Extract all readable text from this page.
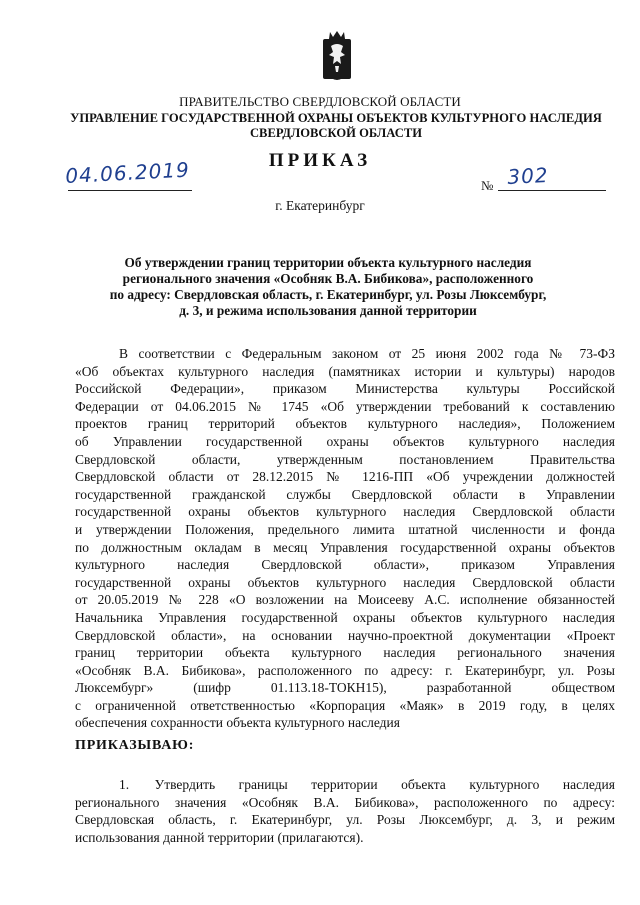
ПРАВИТЕЛЬСТВО СВЕРДЛОВСКОЙ ОБЛАСТИ
УПРАВЛЕНИЕ ГОСУДАРСТВЕННОЙ ОХРАНЫ ОБЪЕКТОВ КУЛЬТУРНОГО НАСЛЕДИЯ
СВЕРДЛОВСКОЙ ОБЛАСТИ
ПРИКАЗ
04.06.2019	№ 302
г. Екатеринбург
Об утверждении границ территории объекта культурного наследия
регионального значения «Особняк В.А. Бибикова», расположенного
по адресу: Свердловская область, г. Екатеринбург, ул. Розы Люксембург,
д. 3, и режима использования данной территории
В соответствии с Федеральным законом от 25 июня 2002 года № 73-ФЗ
«Об объектах культурного наследия (памятниках истории и культуры) народов
Российской Федерации», приказом Министерства культуры Российской
Федерации от 04.06.2015 № 1745 «Об утверждении требований к составлению
проектов границ территорий объектов культурного наследия», Положением
об Управлении государственной охраны объектов культурного наследия
Свердловской области, утвержденным постановлением Правительства
Свердловской области от 28.12.2015 № 1216-ПП «Об учреждении должностей
государственной гражданской службы Свердловской области в Управлении
государственной охраны объектов культурного наследия Свердловской области
и утверждении Положения, предельного лимита штатной численности и фонда
по должностным окладам в месяц Управления государственной охраны объектов
культурного наследия Свердловской области», приказом Управления
государственной охраны объектов культурного наследия Свердловской области
от 20.05.2019 № 228 «О возложении на Моисееву А.С. исполнение обязанностей
Начальника Управления государственной охраны объектов культурного наследия
Свердловской области», на основании научно-проектной документации «Проект
границ территории объекта культурного наследия регионального значения
«Особняк В.А. Бибикова», расположенного по адресу: г. Екатеринбург, ул. Розы
Люксембург» (шифр 01.113.18-ТОКН15), разработанной обществом
с ограниченной ответственностью «Корпорация «Маяк» в 2019 году, в целях
обеспечения сохранности объекта культурного наследия
ПРИКАЗЫВАЮ:
1. Утвердить границы территории объекта культурного наследия
регионального значения «Особняк В.А. Бибикова», расположенного по адресу:
Свердловская область, г. Екатеринбург, ул. Розы Люксембург, д. 3, и режим
использования данной территории (прилагаются).
